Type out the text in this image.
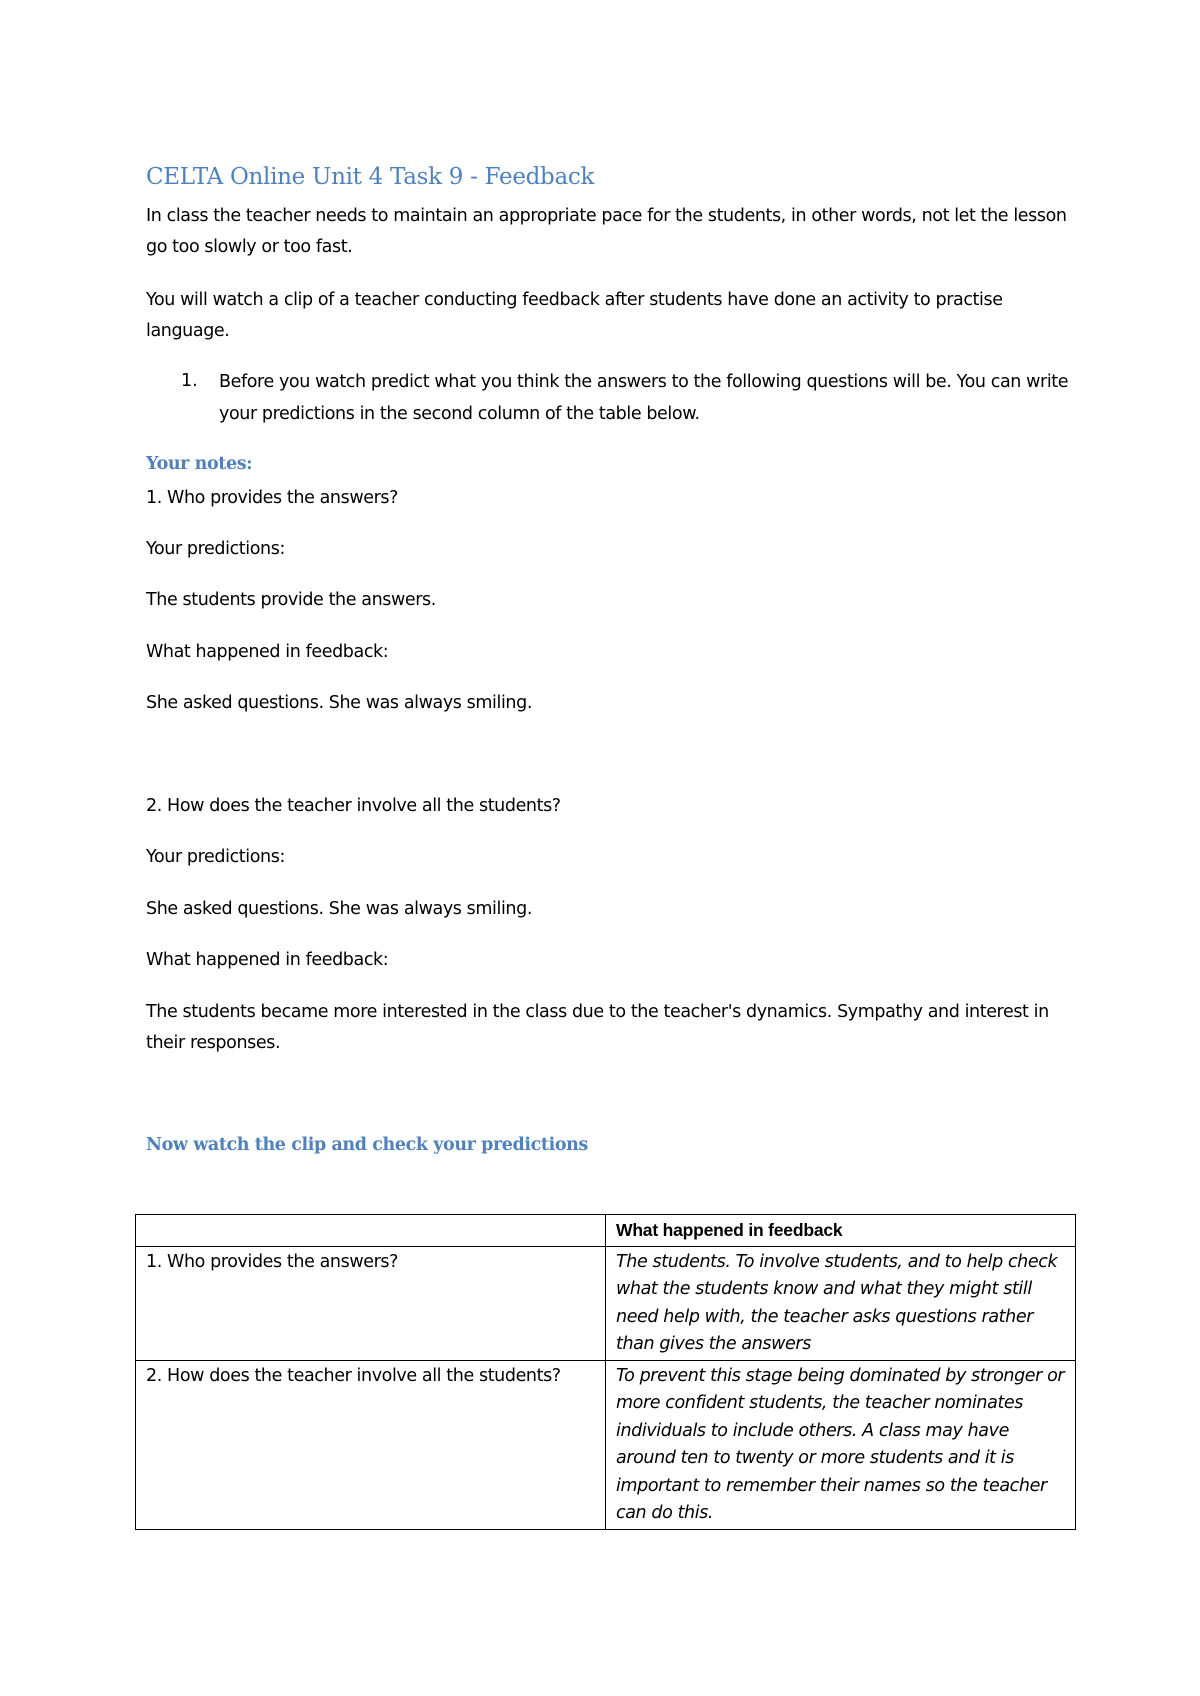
CELTA Online Unit 4 Task 9 - Feedback

In class the teacher needs to maintain an appropriate pace for the students, in other words, not let the lesson go too slowly or too fast.

You will watch a clip of a teacher conducting feedback after students have done an activity to practise language.

1. Before you watch predict what you think the answers to the following questions will be. You can write your predictions in the second column of the table below.

Your notes:

1. Who provides the answers?

Your predictions:

The students provide the answers.

What happened in feedback:

She asked questions. She was always smiling.

2. How does the teacher involve all the students?

Your predictions:

She asked questions. She was always smiling.

What happened in feedback:

The students became more interested in the class due to the teacher's dynamics. Sympathy and interest in their responses.

Now watch the clip and check your predictions
	What happened in feedback
1. Who provides the answers?	The students. To involve students, and to help check what the students know and what they might still need help with, the teacher asks questions rather than gives the answers
2. How does the teacher involve all the students?	To prevent this stage being dominated by stronger or more confident students, the teacher nominates individuals to include others. A class may have around ten to twenty or more students and it is important to remember their names so the teacher can do this.
